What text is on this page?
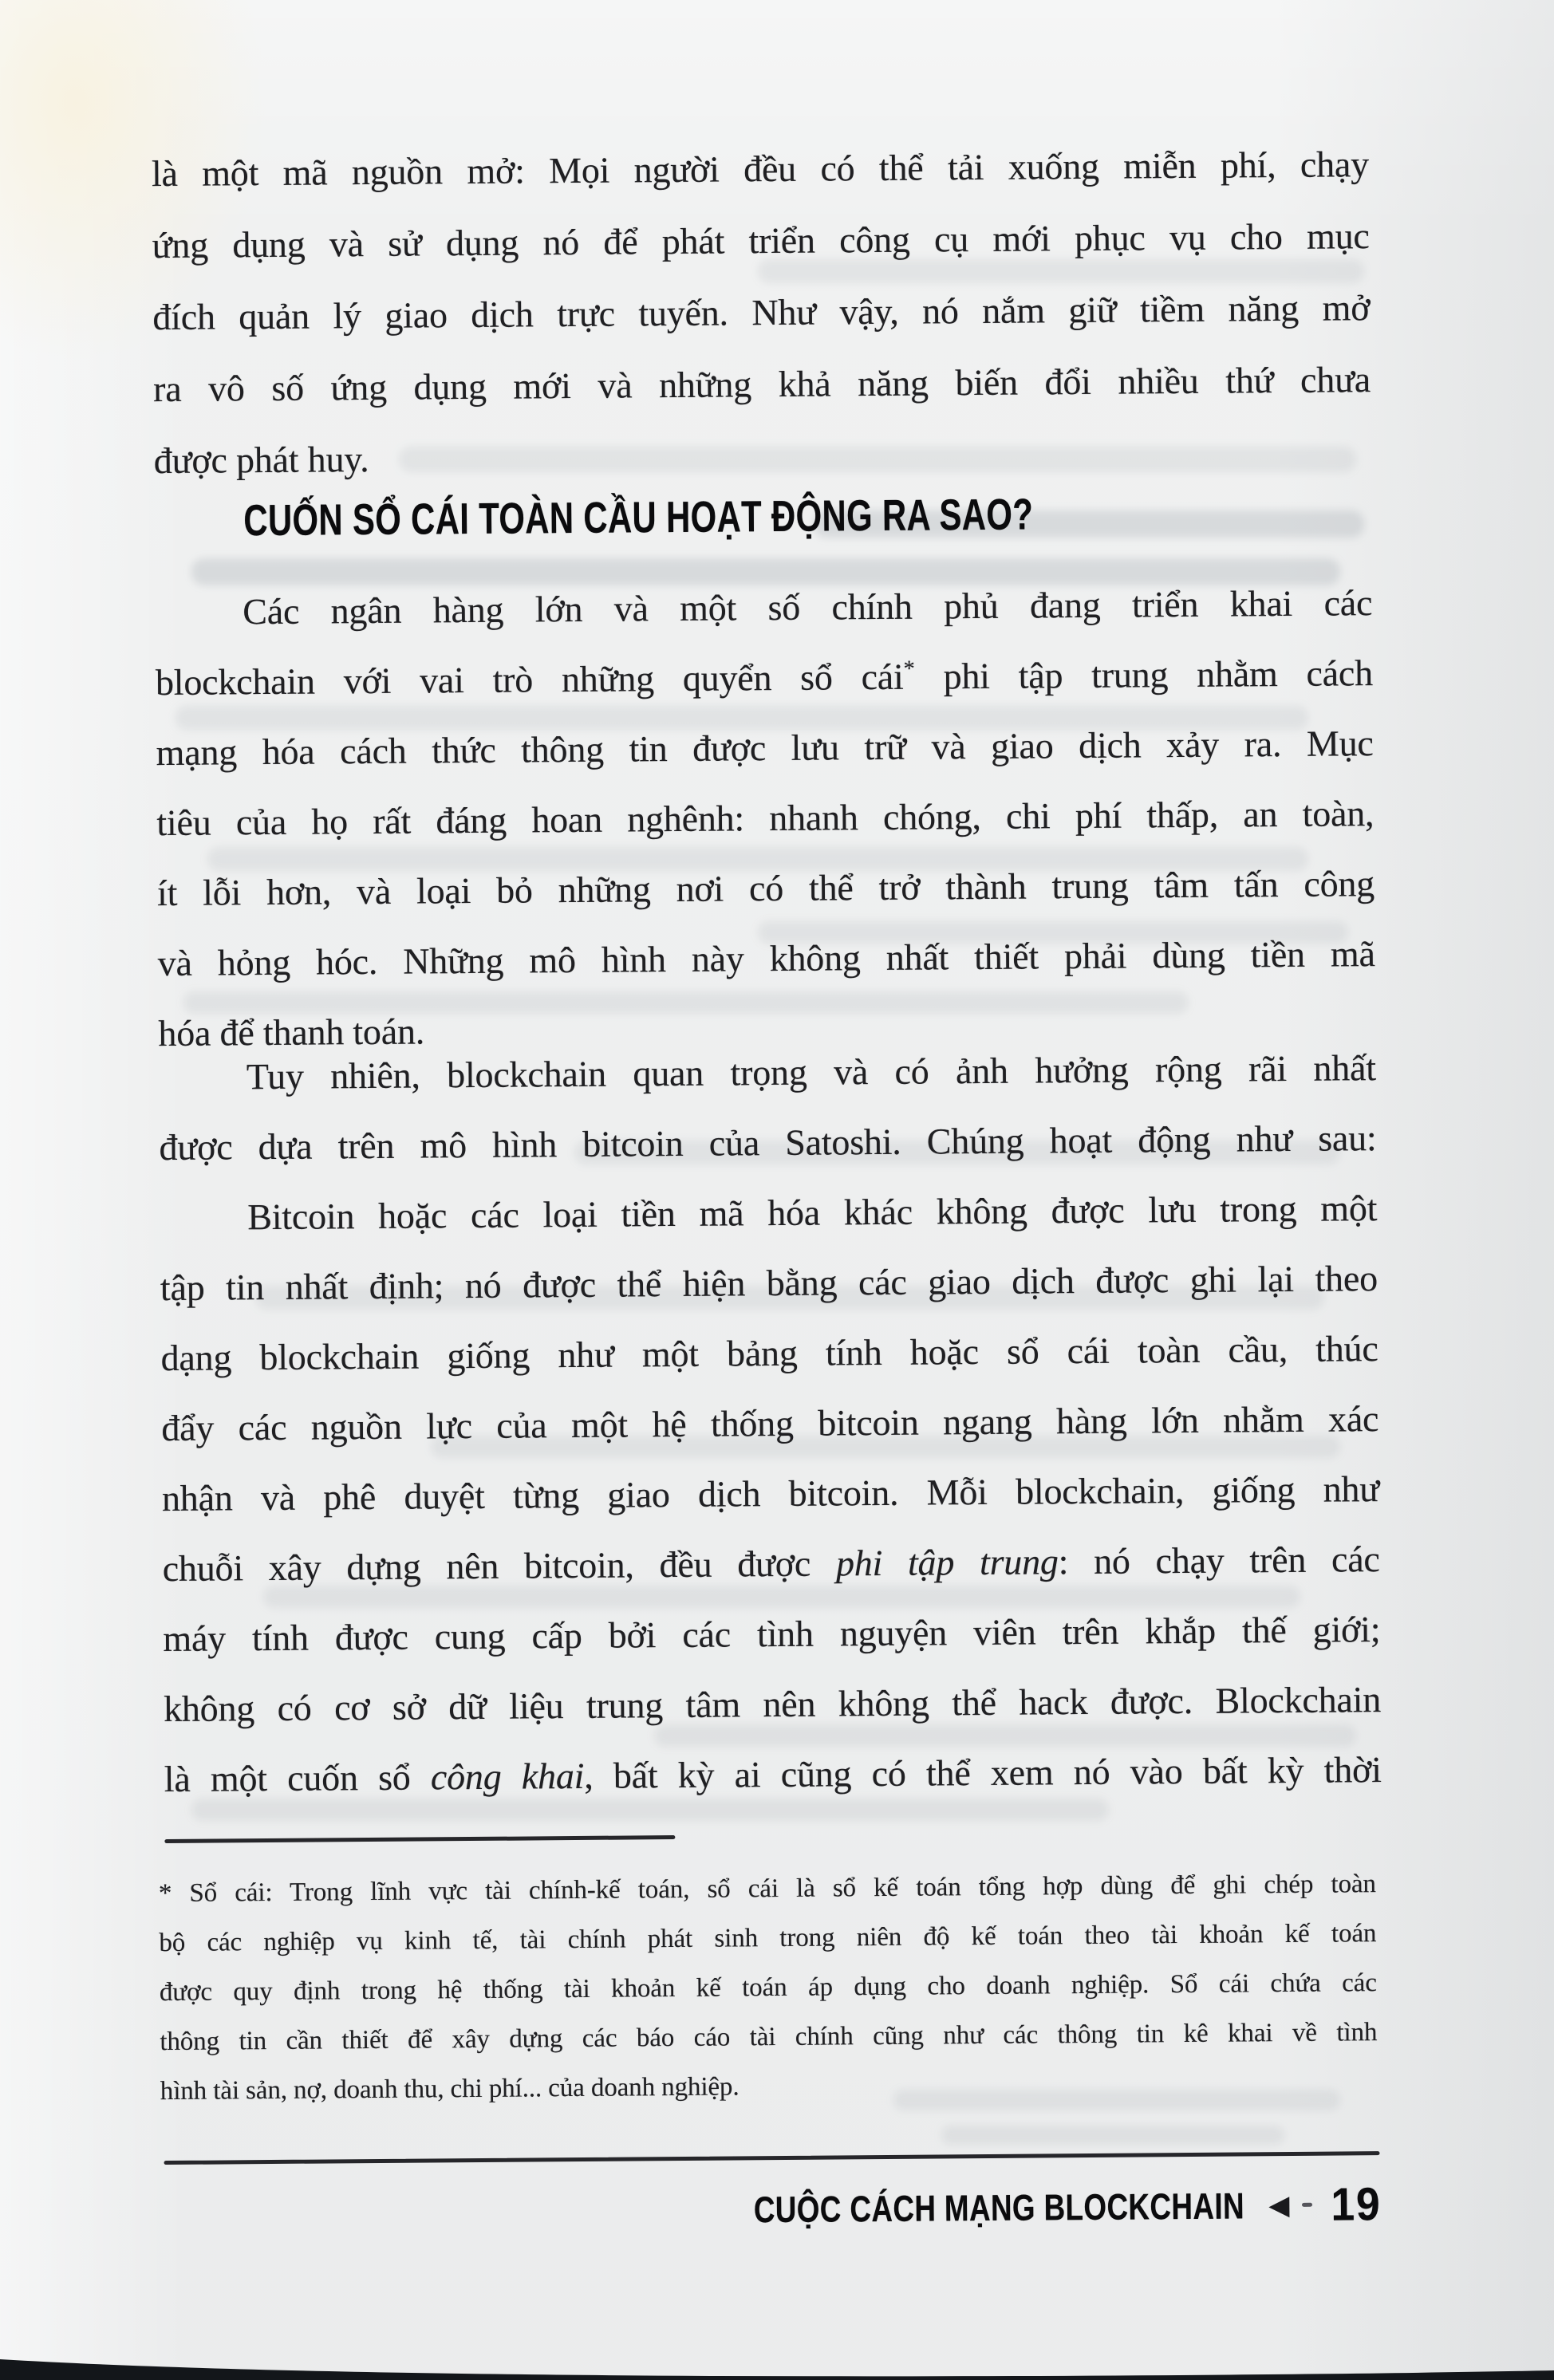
là một mã nguồn mở: Mọi người đều có thể tải xuống miễn phí, chạy
ứng dụng và sử dụng nó để phát triển công cụ mới phục vụ cho mục
đích quản lý giao dịch trực tuyến. Như vậy, nó nắm giữ tiềm năng mở
ra vô số ứng dụng mới và những khả năng biến đổi nhiều thứ chưa
được phát huy.
CUỐN SỔ CÁI TOÀN CẦU HOẠT ĐỘNG RA SAO?
Các ngân hàng lớn và một số chính phủ đang triển khai các
blockchain với vai trò những quyển sổ cái* phi tập trung nhằm cách
mạng hóa cách thức thông tin được lưu trữ và giao dịch xảy ra. Mục
tiêu của họ rất đáng hoan nghênh: nhanh chóng, chi phí thấp, an toàn,
ít lỗi hơn, và loại bỏ những nơi có thể trở thành trung tâm tấn công
và hỏng hóc. Những mô hình này không nhất thiết phải dùng tiền mã
hóa để thanh toán.
Tuy nhiên, blockchain quan trọng và có ảnh hưởng rộng rãi nhất
được dựa trên mô hình bitcoin của Satoshi. Chúng hoạt động như sau:
Bitcoin hoặc các loại tiền mã hóa khác không được lưu trong một
tập tin nhất định; nó được thể hiện bằng các giao dịch được ghi lại theo
dạng blockchain giống như một bảng tính hoặc sổ cái toàn cầu, thúc
đẩy các nguồn lực của một hệ thống bitcoin ngang hàng lớn nhằm xác
nhận và phê duyệt từng giao dịch bitcoin. Mỗi blockchain, giống như
chuỗi xây dựng nên bitcoin, đều được phi tập trung: nó chạy trên các
máy tính được cung cấp bởi các tình nguyện viên trên khắp thế giới;
không có cơ sở dữ liệu trung tâm nên không thể hack được. Blockchain
là một cuốn sổ công khai, bất kỳ ai cũng có thể xem nó vào bất kỳ thời
* Sổ cái: Trong lĩnh vực tài chính-kế toán, sổ cái là sổ kế toán tổng hợp dùng để ghi chép toàn
bộ các nghiệp vụ kinh tế, tài chính phát sinh trong niên độ kế toán theo tài khoản kế toán
được quy định trong hệ thống tài khoản kế toán áp dụng cho doanh nghiệp. Sổ cái chứa các
thông tin cần thiết để xây dựng các báo cáo tài chính cũng như các thông tin kê khai về tình
hình tài sản, nợ, doanh thu, chi phí... của doanh nghiệp.
CUỘC CÁCH MẠNG BLOCKCHAIN ◀ 19
